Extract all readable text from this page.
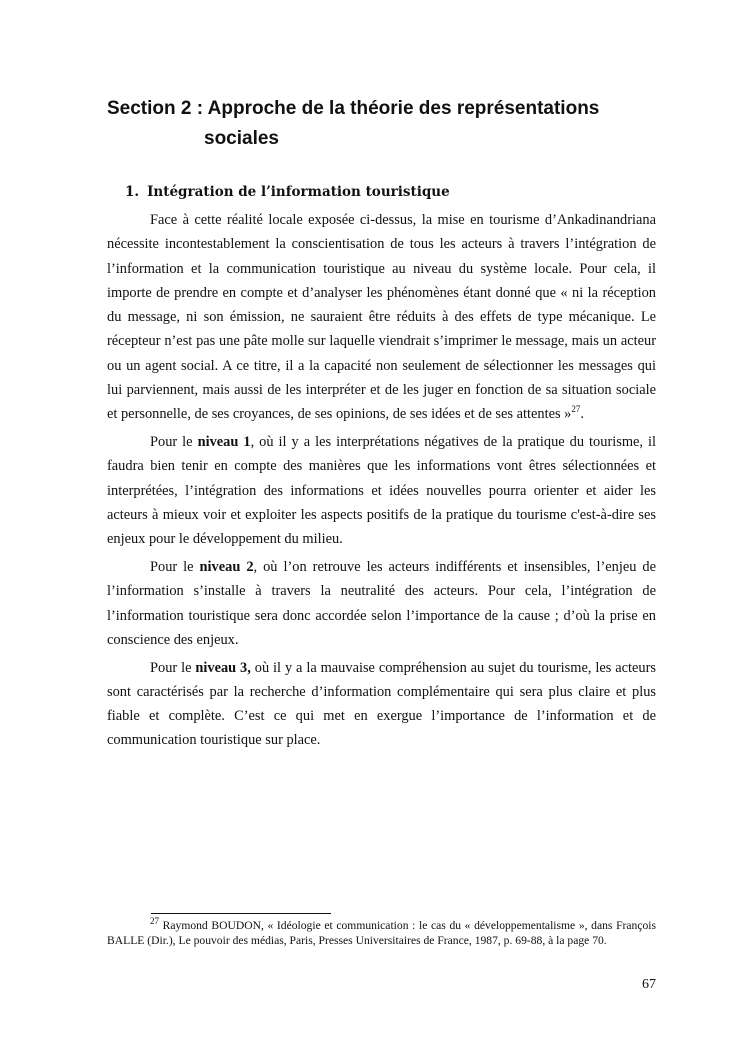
Section 2 : Approche de la théorie des représentations
sociales
1. Intégration de l’information touristique

Face à cette réalité locale exposée ci-dessus, la mise en tourisme d’Ankadinandriana nécessite incontestablement la conscientisation de tous les acteurs à travers l’intégration de l’information et la communication touristique au niveau du système locale. Pour cela, il importe de prendre en compte et d’analyser les phénomènes étant donné que « ni la réception du message, ni son émission, ne sauraient être réduits à des effets de type mécanique. Le récepteur n’est pas une pâte molle sur laquelle viendrait s’imprimer le message, mais un acteur ou un agent social. A ce titre, il a la capacité non seulement de sélectionner les messages qui lui parviennent, mais aussi de les interpréter et de les juger en fonction de sa situation sociale et personnelle, de ses croyances, de ses opinions, de ses idées et de ses attentes »$^{27}$.

Pour le niveau 1, où il y a les interprétations négatives de la pratique du tourisme, il faudra bien tenir en compte des manières que les informations vont êtres sélectionnées et interprétées, l’intégration des informations et idées nouvelles pourra orienter et aider les acteurs à mieux voir et exploiter les aspects positifs de la pratique du tourisme c'est-à-dire ses enjeux pour le développement du milieu.

Pour le niveau 2, où l’on retrouve les acteurs indifférents et insensibles, l’enjeu de l’information s’installe à travers la neutralité des acteurs. Pour cela, l’intégration de l’information touristique sera donc accordée selon l’importance de la cause ; d’où la prise en conscience des enjeux.

Pour le niveau 3, où il y a la mauvaise compréhension au sujet du tourisme, les acteurs sont caractérisés par la recherche d’information complémentaire qui sera plus claire et plus fiable et complète. C’est ce qui met en exergue l’importance de l’information et de communication touristique sur place.

$^{27}$ Raymond BOUDON, « Idéologie et communication : le cas du « développementalisme », dans François BALLE (Dir.), Le pouvoir des médias, Paris, Presses Universitaires de France, 1987, p. 69-88, à la page 70.

67
